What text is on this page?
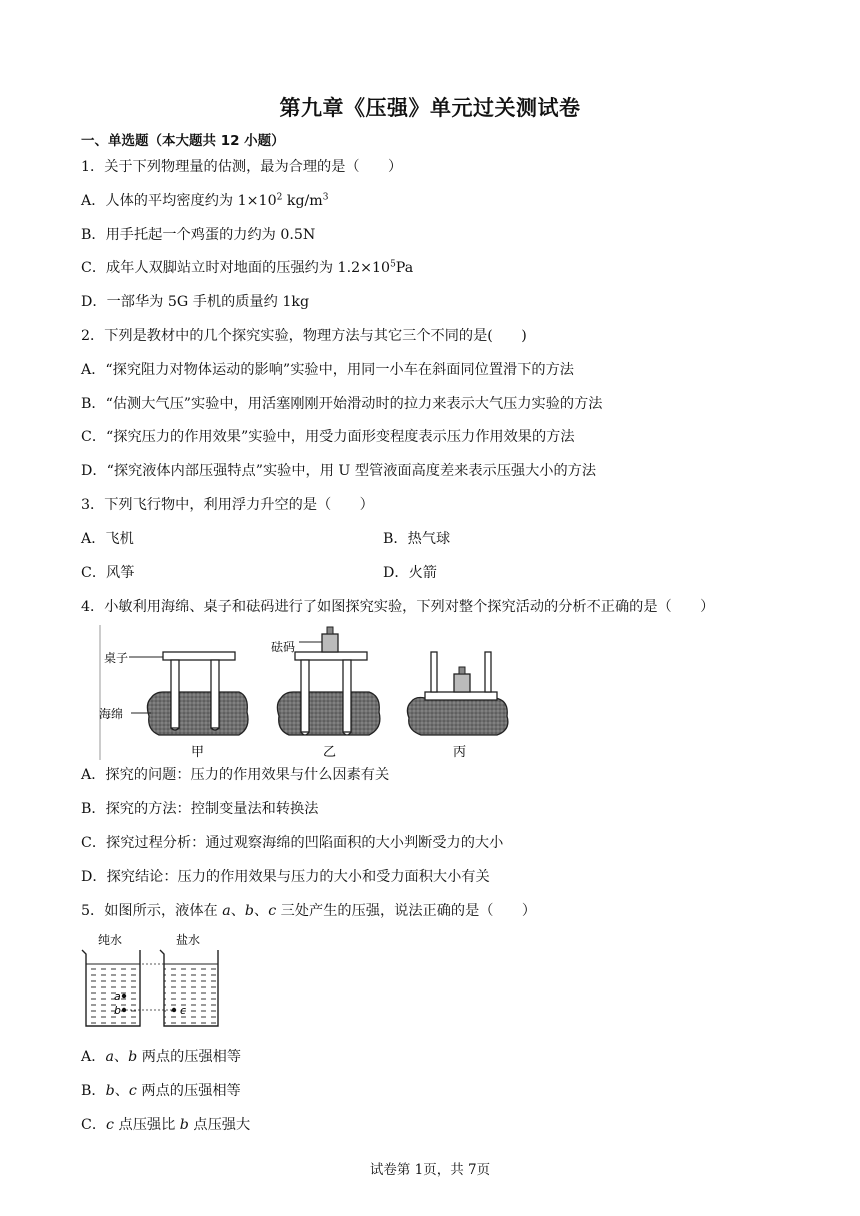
第九章《压强》单元过关测试卷
一、单选题（本大题共 12 小题）
1．关于下列物理量的估测，最为合理的是（　　）
A．人体的平均密度约为 $1\times 10^2$ $kg/m^3$
B．用手托起一个鸡蛋的力约为 0.5N
C．成年人双脚站立时对地面的压强约为 $1.2\times 10^5Pa$
D．一部华为 5G 手机的质量约 1kg
2．下列是教材中的几个探究实验，物理方法与其它三个不同的是(　　)
A．“探究阻力对物体运动的影响”实验中，用同一小车在斜面同位置滑下的方法
B．“估测大气压”实验中，用活塞刚刚开始滑动时的拉力来表示大气压力实验的方法
C．“探究压力的作用效果”实验中，用受力面形变程度表示压力作用效果的方法
D．“探究液体内部压强特点”实验中，用 U 型管液面高度差来表示压强大小的方法
3．下列飞行物中，利用浮力升空的是（　　）
A．飞机	B．热气球
C．风筝	D．火箭
4．小敏利用海绵、桌子和砝码进行了如图探究实验，下列对整个探究活动的分析不正确的是（　　）
桌子
海绵
甲
砝码
乙	丙
A．探究的问题：压力的作用效果与什么因素有关
B．探究的方法：控制变量法和转换法
C．探究过程分析：通过观察海绵的凹陷面积的大小判断受力的大小
D．探究结论：压力的作用效果与压力的大小和受力面积大小有关
5．如图所示，液体在 a、b、c 三处产生的压强，说法正确的是（　　）
纯水
a
b
盐水
c
A．a、b 两点的压强相等
B．b、c 两点的压强相等
C．c 点压强比 b 点压强大
试卷第 1页，共 7页
